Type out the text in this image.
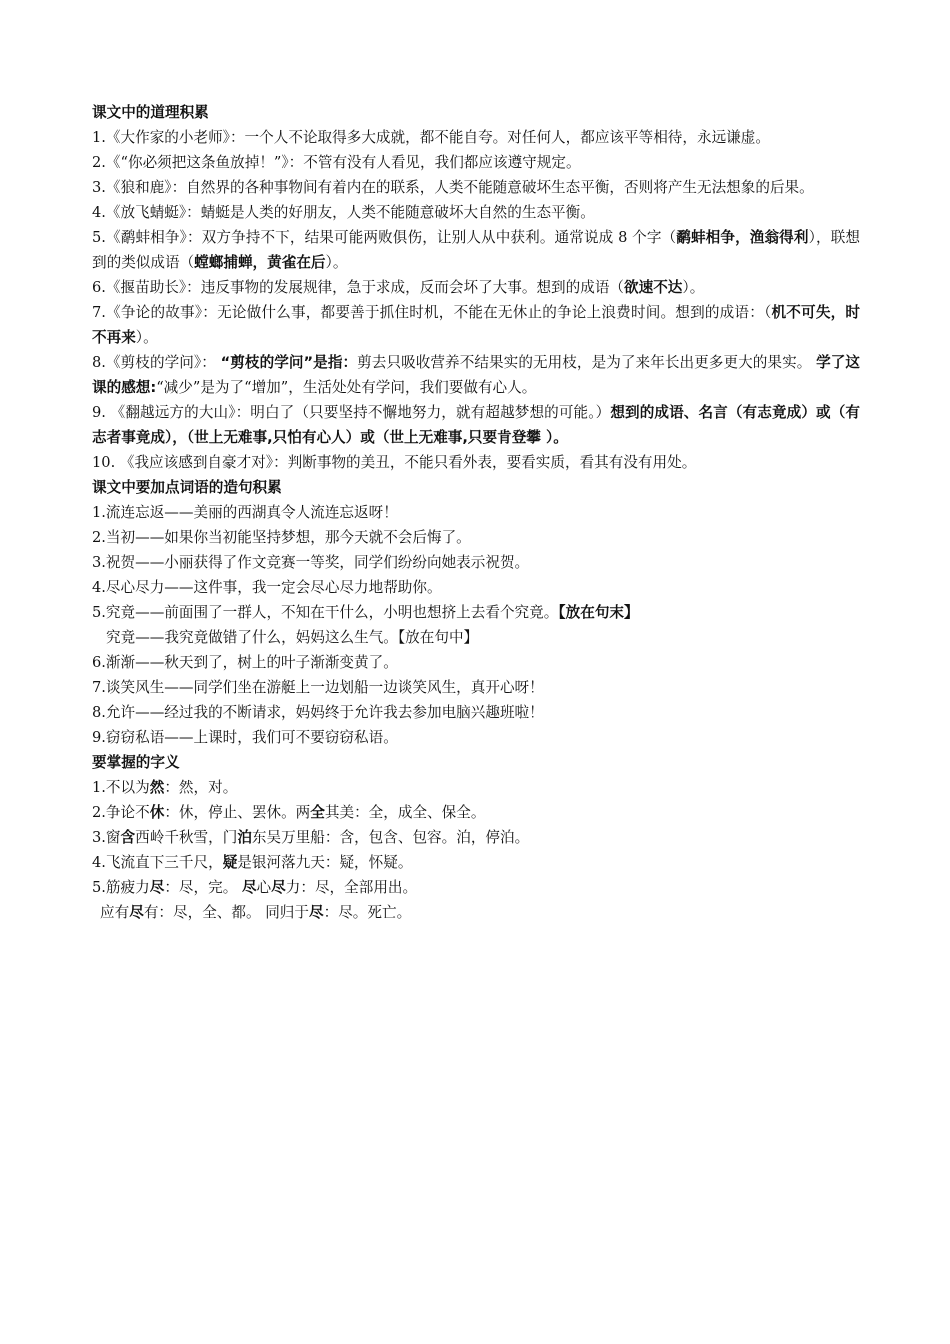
课文中的道理积累
1.《大作家的小老师》：一个人不论取得多大成就，都不能自夸。对任何人，都应该平等相待，永远谦虚。
2.《“你必须把这条鱼放掉！”》：不管有没有人看见，我们都应该遵守规定。
3.《狼和鹿》：自然界的各种事物间有着内在的联系，人类不能随意破坏生态平衡，否则将产生无法想象的后果。
4.《放飞蜻蜓》：蜻蜓是人类的好朋友，人类不能随意破坏大自然的生态平衡。
5.《鹬蚌相争》：双方争持不下，结果可能两败俱伤，让别人从中获利。通常说成 8 个字（鹬蚌相争，渔翁得利），联想到的类似成语（螳螂捕蝉，黄雀在后）。
6.《揠苗助长》：违反事物的发展规律，急于求成，反而会坏了大事。想到的成语（欲速不达）。
7.《争论的故事》：无论做什么事，都要善于抓住时机，不能在无休止的争论上浪费时间。想到的成语：（机不可失，时不再来）。
8.《剪枝的学问》： “剪枝的学问”是指：剪去只吸收营养不结果实的无用枝，是为了来年长出更多更大的果实。 学了这课的感想:“减少”是为了“增加”，生活处处有学问，我们要做有心人。
9. 《翻越远方的大山》：明白了（只要坚持不懈地努力，就有超越梦想的可能。）想到的成语、名言（有志竟成）或（有志者事竟成），（世上无难事,只怕有心人）或（世上无难事,只要肯登攀 ）。
10. 《我应该感到自豪才对》：判断事物的美丑，不能只看外表，要看实质，看其有没有用处。
课文中要加点词语的造句积累
1.流连忘返——美丽的西湖真令人流连忘返呀！
2.当初——如果你当初能坚持梦想，那今天就不会后悔了。
3.祝贺——小丽获得了作文竞赛一等奖，同学们纷纷向她表示祝贺。
4.尽心尽力——这件事，我一定会尽心尽力地帮助你。
5.究竟——前面围了一群人，不知在干什么，小明也想挤上去看个究竟。【放在句末】
究竟——我究竟做错了什么，妈妈这么生气。【放在句中】
6.渐渐——秋天到了，树上的叶子渐渐变黄了。
7.谈笑风生——同学们坐在游艇上一边划船一边谈笑风生，真开心呀！
8.允许——经过我的不断请求，妈妈终于允许我去参加电脑兴趣班啦！
9.窃窃私语——上课时，我们可不要窃窃私语。
要掌握的字义
1.不以为然：然，对。
2.争论不休：休，停止、罢休。两全其美：全，成全、保全。
3.窗含西岭千秋雪，门泊东吴万里船：含，包含、包容。泊，停泊。
4.飞流直下三千尺，疑是银河落九天：疑，怀疑。
5.筋疲力尽：尽，完。 尽心尽力：尽，全部用出。
应有尽有：尽，全、都。 同归于尽：尽。死亡。
